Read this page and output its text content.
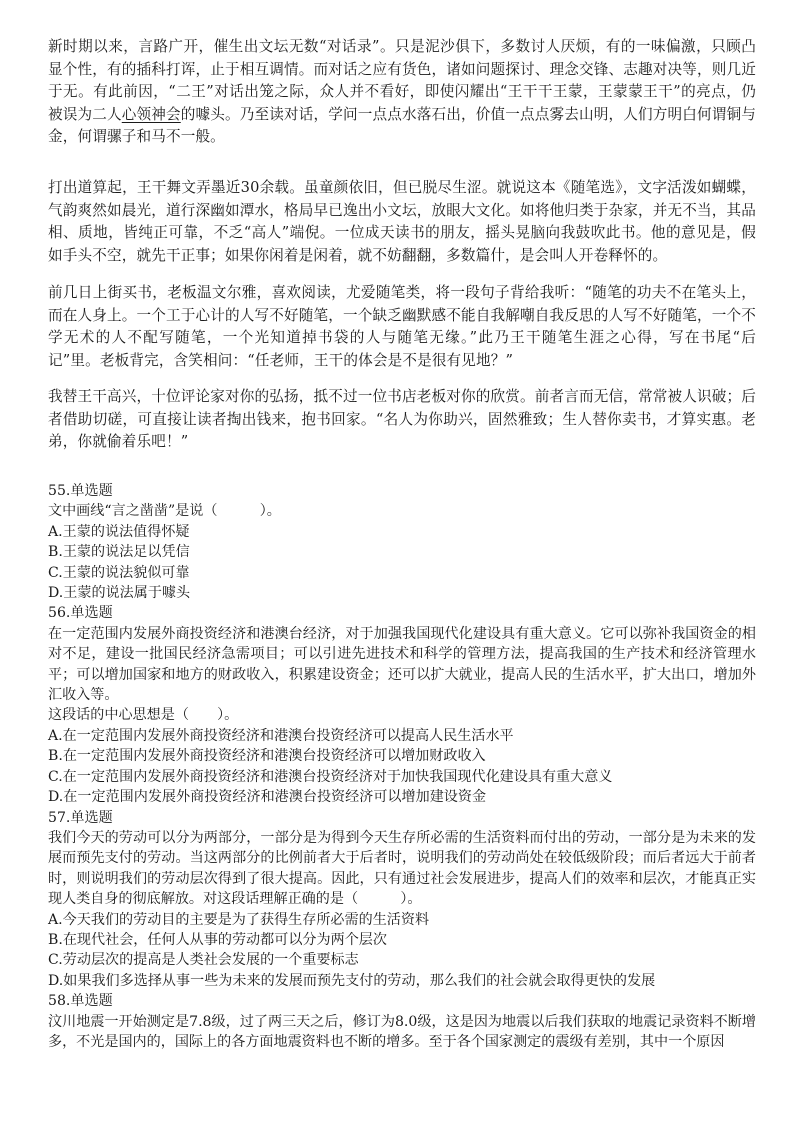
新时期以来，言路广开，催生出文坛无数“对话录”。只是泥沙俱下，多数讨人厌烦，有的一味偏激，只顾凸显个性，有的插科打诨，止于相互调情。而对话之应有货色，诸如问题探讨、理念交锋、志趣对决等，则几近于无。有此前因，“二王”对话出笼之际，众人并不看好，即使闪耀出“王干干王蒙，王蒙蒙王干”的亮点，仍被误为二人心领神会的噱头。乃至读对话，学问一点点水落石出，价值一点点雾去山明，人们方明白何谓铜与金，何谓骡子和马不一般。

打出道算起，王干舞文弄墨近30余载。虽童颜依旧，但已脱尽生涩。就说这本《随笔选》，文字活泼如蝴蝶，气韵爽然如晨光，道行深幽如潭水，格局早已逸出小文坛，放眼大文化。如将他归类于杂家，并无不当，其品相、质地，皆纯正可靠，不乏“高人”端倪。一位成天读书的朋友，摇头晃脑向我鼓吹此书。他的意见是，假如手头不空，就先干正事；如果你闲着是闲着，就不妨翻翻，多数篇什，是会叫人开卷释怀的。

前几日上街买书，老板温文尔雅，喜欢阅读，尤爱随笔类，将一段句子背给我听：“随笔的功夫不在笔头上，而在人身上。一个工于心计的人写不好随笔，一个缺乏幽默感不能自我解嘲自我反思的人写不好随笔，一个不学无术的人不配写随笔，一个光知道掉书袋的人与随笔无缘。”此乃王干随笔生涯之心得，写在书尾“后记”里。老板背完，含笑相问：“任老师，王干的体会是不是很有见地？”

我替王干高兴，十位评论家对你的弘扬，抵不过一位书店老板对你的欣赏。前者言而无信，常常被人识破；后者借助切磋，可直接让读者掏出钱来，抱书回家。“名人为你助兴，固然雅致；生人替你卖书，才算实惠。老弟，你就偷着乐吧！”

55.单选题
文中画线“言之凿凿”是说（　　　）。
A.王蒙的说法值得怀疑
B.王蒙的说法足以凭信
C.王蒙的说法貌似可靠
D.王蒙的说法属于噱头
56.单选题
在一定范围内发展外商投资经济和港澳台经济，对于加强我国现代化建设具有重大意义。它可以弥补我国资金的相对不足，建设一批国民经济急需项目；可以引进先进技术和科学的管理方法，提高我国的生产技术和经济管理水平；可以增加国家和地方的财政收入，积累建设资金；还可以扩大就业，提高人民的生活水平，扩大出口，增加外汇收入等。
这段话的中心思想是（　　）。
A.在一定范围内发展外商投资经济和港澳台投资经济可以提高人民生活水平
B.在一定范围内发展外商投资经济和港澳台投资经济可以增加财政收入
C.在一定范围内发展外商投资经济和港澳台投资经济对于加快我国现代化建设具有重大意义
D.在一定范围内发展外商投资经济和港澳台投资经济可以增加建设资金
57.单选题
我们今天的劳动可以分为两部分，一部分是为得到今天生存所必需的生活资料而付出的劳动，一部分是为未来的发展而预先支付的劳动。当这两部分的比例前者大于后者时，说明我们的劳动尚处在较低级阶段；而后者远大于前者时，则说明我们的劳动层次得到了很大提高。因此，只有通过社会发展进步，提高人们的效率和层次，才能真正实现人类自身的彻底解放。对这段话理解正确的是（　　　）。
A.今天我们的劳动目的主要是为了获得生存所必需的生活资料
B.在现代社会，任何人从事的劳动都可以分为两个层次
C.劳动层次的提高是人类社会发展的一个重要标志
D.如果我们多选择从事一些为未来的发展而预先支付的劳动，那么我们的社会就会取得更快的发展
58.单选题
汶川地震一开始测定是7.8级，过了两三天之后，修订为8.0级，这是因为地震以后我们获取的地震记录资料不断增多，不光是国内的，国际上的各方面地震资料也不断的增多。至于各个国家测定的震级有差别，其中一个原因
